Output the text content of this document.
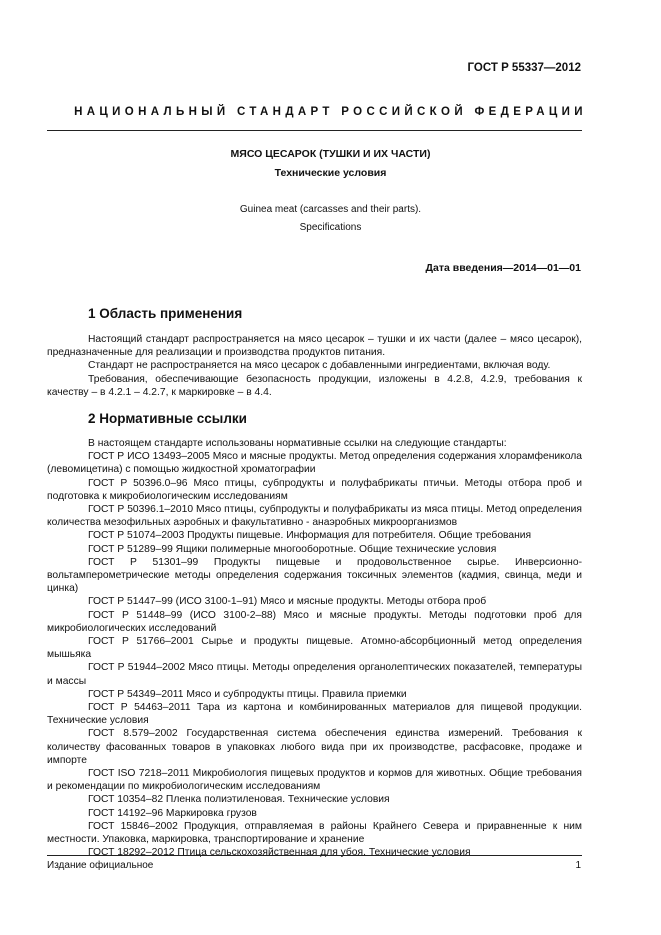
ГОСТ Р 55337—2012
НАЦИОНАЛЬНЫЙ СТАНДАРТ РОССИЙСКОЙ ФЕДЕРАЦИИ
МЯСО ЦЕСАРОК (ТУШКИ И ИХ ЧАСТИ)
Технические условия
Guinea meat (carcasses and their parts).
Specifications
Дата введения—2014—01—01
1 Область применения

Настоящий стандарт распространяется на мясо цесарок – тушки и их части (далее – мясо цесарок), предназначенные для реализации и производства продуктов питания.

Стандарт не распространяется на мясо цесарок с добавленными ингредиентами, включая воду.

Требования, обеспечивающие безопасность продукции, изложены в 4.2.8, 4.2.9, требования к качеству – в 4.2.1 – 4.2.7, к маркировке – в 4.4.

2 Нормативные ссылки

В настоящем стандарте использованы нормативные ссылки на следующие стандарты:

ГОСТ Р ИСО 13493–2005 Мясо и мясные продукты. Метод определения содержания хлорамфеникола (левомицетина) с помощью жидкостной хроматографии

ГОСТ Р 50396.0–96 Мясо птицы, субпродукты и полуфабрикаты птичьи. Методы отбора проб и подготовка к микробиологическим исследованиям

ГОСТ Р 50396.1–2010 Мясо птицы, субпродукты и полуфабрикаты из мяса птицы. Метод определения количества мезофильных аэробных и факультативно - анаэробных микроорганизмов

ГОСТ Р 51074–2003 Продукты пищевые. Информация для потребителя. Общие требования

ГОСТ Р 51289–99 Ящики полимерные многооборотные. Общие технические условия

ГОСТ Р 51301–99 Продукты пищевые и продовольственное сырье. Инверсионно-вольтамперометрические методы определения содержания токсичных элементов (кадмия, свинца, меди и цинка)

ГОСТ Р 51447–99 (ИСО 3100-1–91) Мясо и мясные продукты. Методы отбора проб

ГОСТ Р 51448–99 (ИСО 3100-2–88) Мясо и мясные продукты. Методы подготовки проб для микробиологических исследований

ГОСТ Р 51766–2001 Сырье и продукты пищевые. Атомно-абсорбционный метод определения мышьяка

ГОСТ Р 51944–2002 Мясо птицы. Методы определения органолептических показателей, температуры и массы

ГОСТ Р 54349–2011 Мясо и субпродукты птицы. Правила приемки

ГОСТ Р 54463–2011 Тара из картона и комбинированных материалов для пищевой продукции. Технические условия

ГОСТ 8.579–2002 Государственная система обеспечения единства измерений. Требования к количеству фасованных товаров в упаковках любого вида при их производстве, расфасовке, продаже и импорте

ГОСТ ISO 7218–2011 Микробиология пищевых продуктов и кормов для животных. Общие требования и рекомендации по микробиологическим исследованиям

ГОСТ 10354–82 Пленка полиэтиленовая. Технические условия

ГОСТ 14192–96 Маркировка грузов

ГОСТ 15846–2002 Продукция, отправляемая в районы Крайнего Севера и приравненные к ним местности. Упаковка, маркировка, транспортирование и хранение

ГОСТ 18292–2012 Птица сельскохозяйственная для убоя. Технические условия

Издание официальное	1
